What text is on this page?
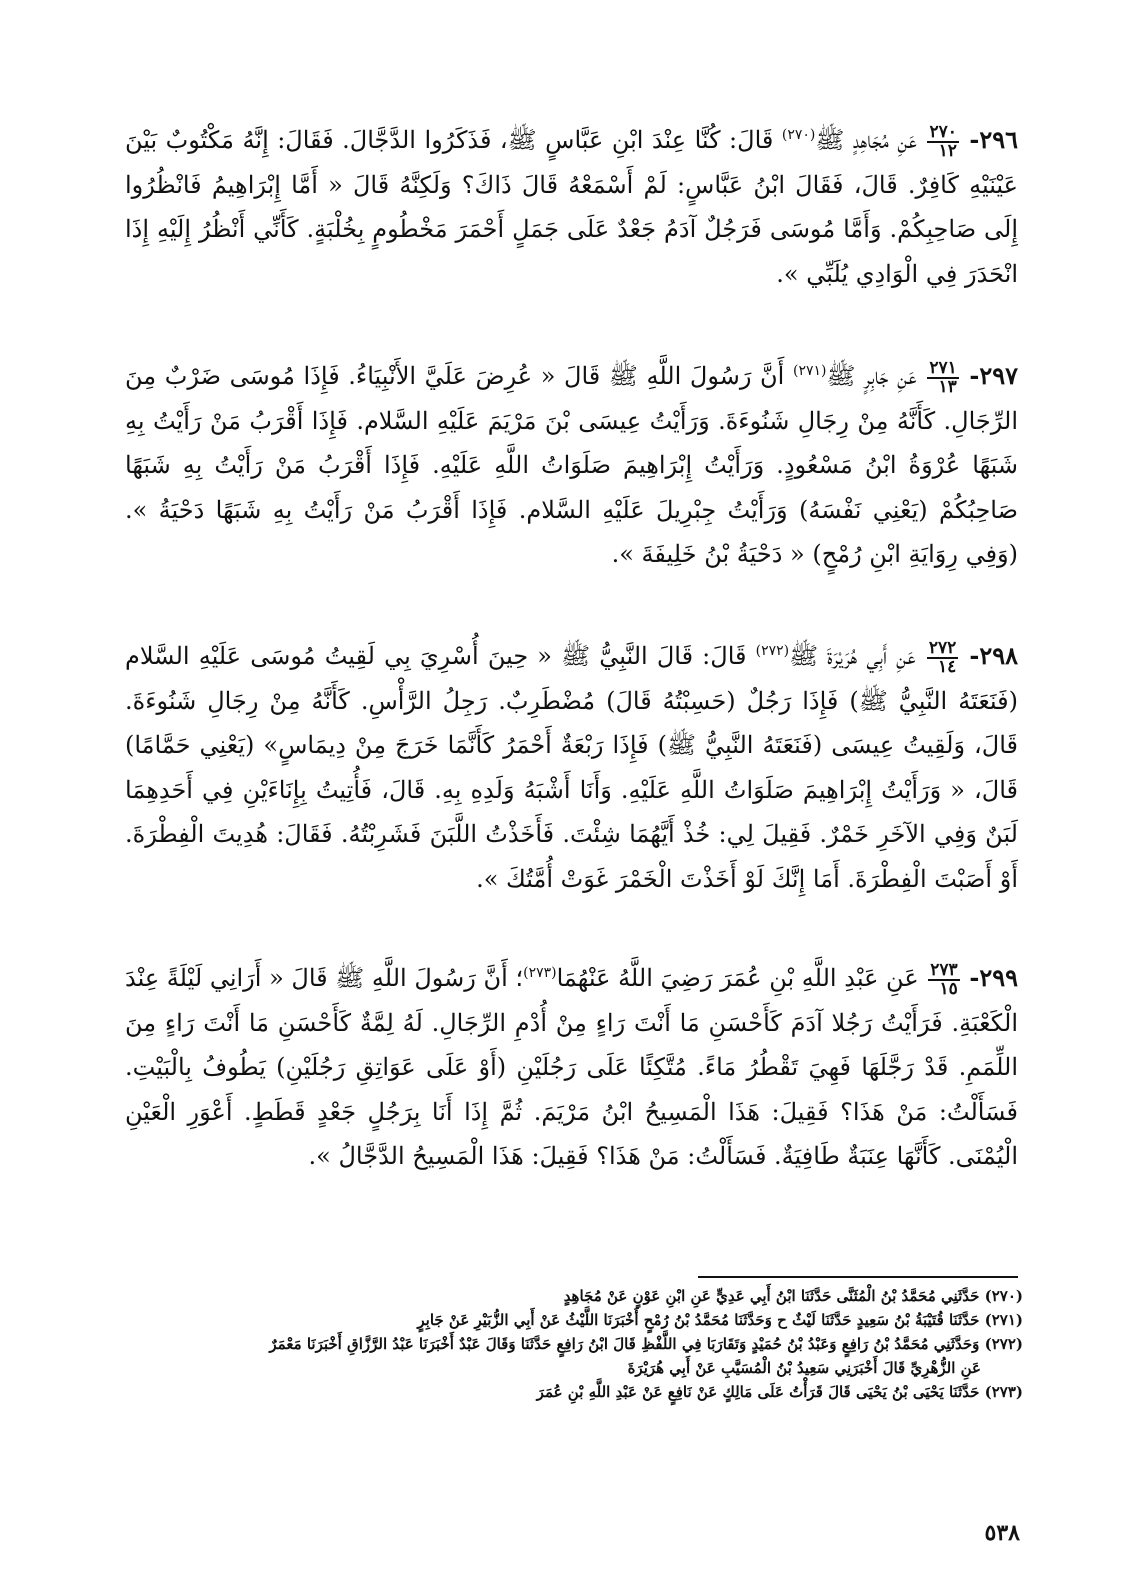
٢٩٦-
$\frac{٢٧٠}{١٢}$
عَنِ مُجَاهِدٍ ﷺ$^{(٢٧٠)}$ قَالَ: كُنَّا عِنْدَ ابْنِ عَبَّاسٍ ﷺ، فَذَكَرُوا الدَّجَّالَ. فَقَالَ: إِنَّهُ مَكْتُوبٌ بَيْنَ عَيْنَيْهِ كَافِرٌ. قَالَ، فَقَالَ ابْنُ عَبَّاسٍ: لَمْ أَسْمَعْهُ قَالَ ذَاكَ؟ وَلَكِنَّهُ قَالَ « أَمَّا إِبْرَاهِيمُ فَانْظُرُوا إِلَى صَاحِبِكُمْ. وَأَمَّا مُوسَى فَرَجُلٌ آدَمُ جَعْدٌ عَلَى جَمَلٍ أَحْمَرَ مَخْطُومٍ بِخُلْبَةٍ. كَأَنِّي أَنْظُرُ إِلَيْهِ إِذَا انْحَدَرَ فِي الْوَادِي يُلَبِّي ».
٢٩٧-
$\frac{٢٧١}{١٣}$
عَنِ جَابِرٍ ﷺ$^{(٢٧١)}$ أَنَّ رَسُولَ اللَّهِ ﷺ قَالَ « عُرِضَ عَلَيَّ الأَنْبِيَاءُ. فَإِذَا مُوسَى ضَرْبٌ مِنَ الرِّجَالِ. كَأَنَّهُ مِنْ رِجَالِ شَنُوءَةَ. وَرَأَيْتُ عِيسَى بْنَ مَرْيَمَ عَلَيْهِ السَّلام. فَإِذَا أَقْرَبُ مَنْ رَأَيْتُ بِهِ شَبَهًا عُرْوَةُ ابْنُ مَسْعُودٍ. وَرَأَيْتُ إِبْرَاهِيمَ صَلَوَاتُ اللَّهِ عَلَيْهِ. فَإِذَا أَقْرَبُ مَنْ رَأَيْتُ بِهِ شَبَهًا صَاحِبُكُمْ (يَعْنِي نَفْسَهُ) وَرَأَيْتُ جِبْرِيلَ عَلَيْهِ السَّلام. فَإِذَا أَقْرَبُ مَنْ رَأَيْتُ بِهِ شَبَهًا دَحْيَةُ ». (وَفِي رِوَايَةِ ابْنِ رُمْحٍ) « دَحْيَةُ بْنُ خَلِيفَةَ ».
٢٩٨-
$\frac{٢٧٢}{١٤}$
عَنِ أَبِي هُرَيْرَةَ ﷺ$^{(٢٧٢)}$ قَالَ: قَالَ النَّبِيُّ ﷺ « حِينَ أُسْرِيَ بِي لَقِيتُ مُوسَى عَلَيْهِ السَّلام (فَنَعَتَهُ النَّبِيُّ ﷺ) فَإِذَا رَجُلٌ (حَسِبْتُهُ قَالَ) مُضْطَرِبٌ. رَجِلُ الرَّأْسِ. كَأَنَّهُ مِنْ رِجَالِ شَنُوءَةَ. قَالَ، وَلَقِيتُ عِيسَى (فَنَعَتَهُ النَّبِيُّ ﷺ) فَإِذَا رَبْعَةٌ أَحْمَرُ كَأَنَّمَا خَرَجَ مِنْ دِيمَاسٍ» (يَعْنِي حَمَّامًا) قَالَ، « وَرَأَيْتُ إِبْرَاهِيمَ صَلَوَاتُ اللَّهِ عَلَيْهِ. وَأَنَا أَشْبَهُ وَلَدِهِ بِهِ. قَالَ، فَأُتِيتُ بِإِنَاءَيْنِ فِي أَحَدِهِمَا لَبَنٌ وَفِي الآخَرِ خَمْرٌ. فَقِيلَ لِي: خُذْ أَيَّهُمَا شِئْتَ. فَأَخَذْتُ اللَّبَنَ فَشَرِبْتُهُ. فَقَالَ: هُدِيتَ الْفِطْرَةَ. أَوْ أَصَبْتَ الْفِطْرَةَ. أَمَا إِنَّكَ لَوْ أَخَذْتَ الْخَمْرَ غَوَتْ أُمَّتُكَ ».
٢٩٩-
$\frac{٢٧٣}{١٥}$
عَنِ عَبْدِ اللَّهِ بْنِ عُمَرَ رَضِيَ اللَّهُ عَنْهُمَا$^{(٢٧٣)}$؛ أَنَّ رَسُولَ اللَّهِ ﷺ قَالَ « أَرَانِي لَيْلَةً عِنْدَ الْكَعْبَةِ. فَرَأَيْتُ رَجُلا آدَمَ كَأَحْسَنِ مَا أَنْتَ رَاءٍ مِنْ أُدْمِ الرِّجَالِ. لَهُ لِمَّةٌ كَأَحْسَنِ مَا أَنْتَ رَاءٍ مِنَ اللِّمَمِ. قَدْ رَجَّلَهَا فَهِيَ تَقْطُرُ مَاءً. مُتَّكِئًا عَلَى رَجُلَيْنِ (أَوْ عَلَى عَوَاتِقِ رَجُلَيْنِ) يَطُوفُ بِالْبَيْتِ. فَسَأَلْتُ: مَنْ هَذَا؟ فَقِيلَ: هَذَا الْمَسِيحُ ابْنُ مَرْيَمَ. ثُمَّ إِذَا أَنَا بِرَجُلٍ جَعْدٍ قَطَطٍ. أَعْوَرِ الْعَيْنِ الْيُمْنَى. كَأَنَّهَا عِنَبَةٌ طَافِيَةٌ. فَسَأَلْتُ: مَنْ هَذَا؟ فَقِيلَ: هَذَا الْمَسِيحُ الدَّجَّالُ ».
(٢٧٠) حَدَّثَنِي مُحَمَّدُ بْنُ الْمُثَنَّى حَدَّثَنَا ابْنُ أَبِي عَدِيٍّ عَنِ ابْنِ عَوْنٍ عَنْ مُجَاهِدٍ
(٢٧١) حَدَّثَنَا قُتَيْبَةُ بْنُ سَعِيدٍ حَدَّثَنَا لَيْثٌ ح وَحَدَّثَنَا مُحَمَّدُ بْنُ رُمْحٍ أَخْبَرَنَا اللَّيْثُ عَنْ أَبِي الزُّبَيْرِ عَنْ جَابِرٍ
(٢٧٢) وَحَدَّثَنِي مُحَمَّدُ بْنُ رَافِعٍ وَعَبْدُ بْنُ حُمَيْدٍ وَتَقَارَبَا فِي اللَّفْظِ قَالَ ابْنُ رَافِعٍ حَدَّثَنَا وَقَالَ عَبْدٌ أَخْبَرَنَا عَبْدُ الرَّزَّاقِ أَخْبَرَنَا مَعْمَرٌ
عَنِ الزُّهْرِيِّ قَالَ أَخْبَرَنِي سَعِيدُ بْنُ الْمُسَيَّبِ عَنْ أَبِي هُرَيْرَةَ
(٢٧٣) حَدَّثَنَا يَحْيَى بْنُ يَحْيَى قَالَ قَرَأْتُ عَلَى مَالِكٍ عَنْ نَافِعٍ عَنْ عَبْدِ اللَّهِ بْنِ عُمَرَ
٥٣٨
